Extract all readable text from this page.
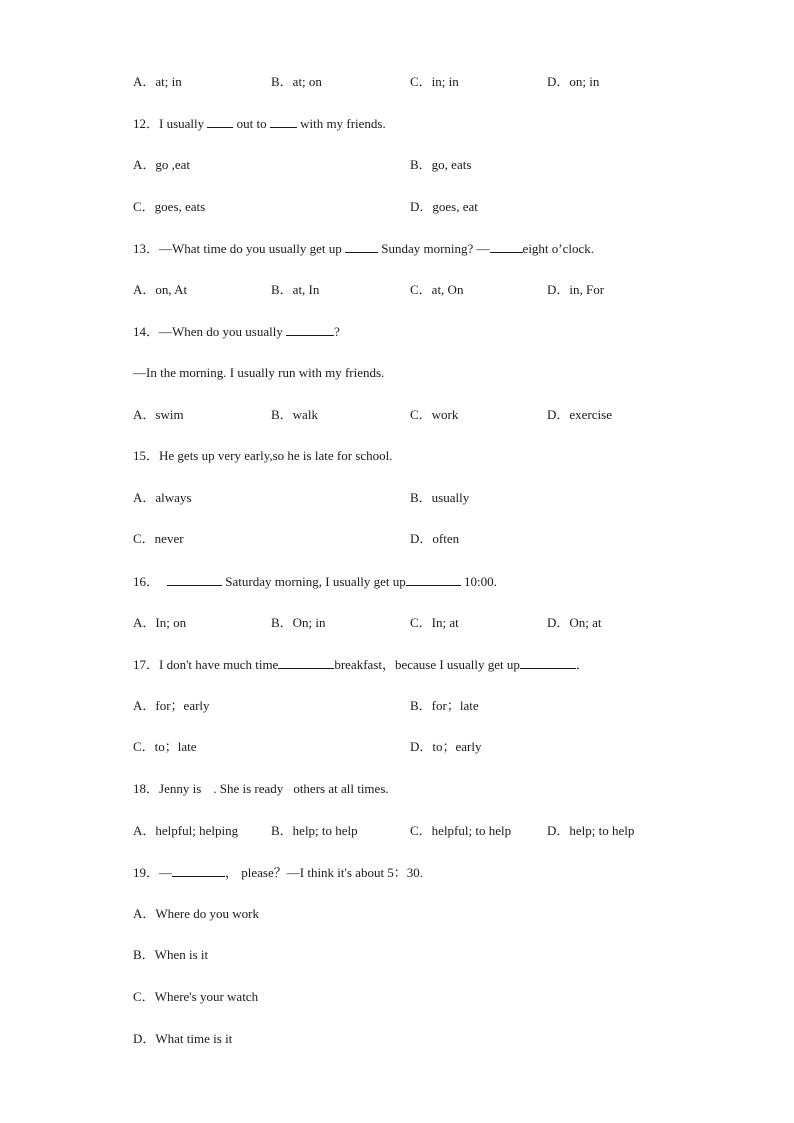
A．at; in	B．at; on	C．in; in	D．on; in
12．I usually  out to  with my friends.
A．go ,eat	B．go, eats
C．goes, eats	D．goes, eat
13．—What time do you usually get up	Sunday morning? —	eight o’clock.
A．on, At	B．at, In	C．at, On	D．in, For
14．—When do you usually	?
—In the morning. I usually run with my friends.
A．swim	B．walk	C．work	D．exercise
15．He gets up very early,so he is late for school.
A．always	B．usually
C．never	D．often
16．	Saturday morning, I usually get up	10:00.
A．In; on	B．On; in	C．In; at	D．On; at
17．I don't have much time	breakfast，because I usually get up	．
A．for；early	B．for；late
C．to；late	D．to；early
18．Jenny is . She is ready others at all times.
A．helpful; helping	B．help; to help	C．helpful; to help	D．help; to help
19．—	， please？—I think it's about 5：30.
A．Where do you work
B．When is it
C．Where's your watch
D．What time is it
